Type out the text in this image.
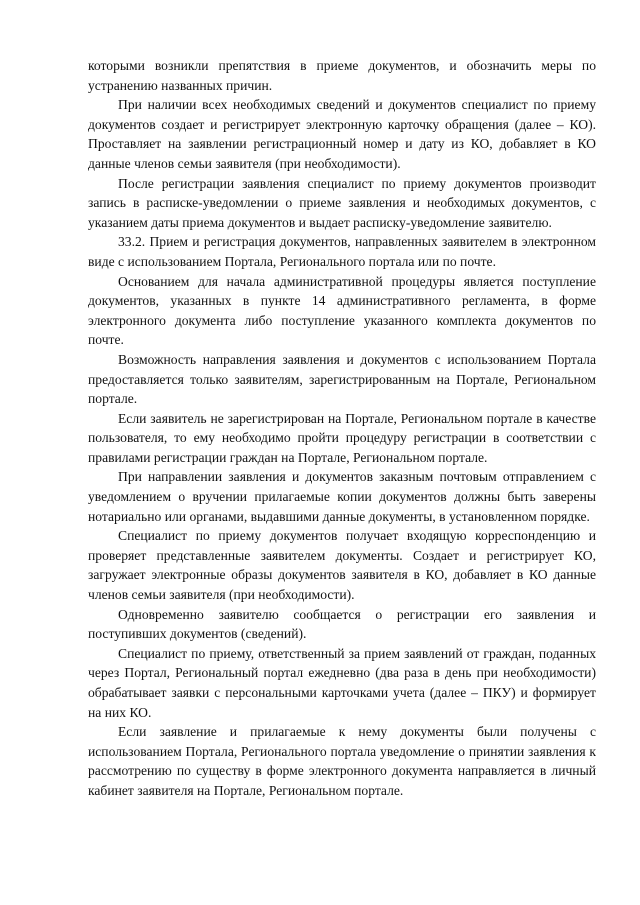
которыми возникли препятствия в приеме документов, и обозначить меры по устранению названных причин.

При наличии всех необходимых сведений и документов специалист по приему документов создает и регистрирует электронную карточку обращения (далее – КО). Проставляет на заявлении регистрационный номер и дату из КО, добавляет в КО данные членов семьи заявителя (при необходимости).

После регистрации заявления специалист по приему документов производит запись в расписке-уведомлении о приеме заявления и необходимых документов, с указанием даты приема документов и выдает расписку-уведомление заявителю.

33.2. Прием и регистрация документов, направленных заявителем в электронном виде с использованием Портала, Регионального портала или по почте.

Основанием для начала административной процедуры является поступление документов, указанных в пункте 14 административного регламента, в форме электронного документа либо поступление указанного комплекта документов по почте.

Возможность направления заявления и документов с использованием Портала предоставляется только заявителям, зарегистрированным на Портале, Региональном портале.

Если заявитель не зарегистрирован на Портале, Региональном портале в качестве пользователя, то ему необходимо пройти процедуру регистрации в соответствии с правилами регистрации граждан на Портале, Региональном портале.

При направлении заявления и документов заказным почтовым отправлением с уведомлением о вручении прилагаемые копии документов должны быть заверены нотариально или органами, выдавшими данные документы, в установленном порядке.

Специалист по приему документов получает входящую корреспонденцию и проверяет представленные заявителем документы. Создает и регистрирует КО, загружает электронные образы документов заявителя в КО, добавляет в КО данные членов семьи заявителя (при необходимости).

Одновременно заявителю сообщается о регистрации его заявления и поступивших документов (сведений).

Специалист по приему, ответственный за прием заявлений от граждан, поданных через Портал, Региональный портал ежедневно (два раза в день при необходимости) обрабатывает заявки с персональными карточками учета (далее – ПКУ) и формирует на них КО.

Если заявление и прилагаемые к нему документы были получены с использованием Портала, Регионального портала уведомление о принятии заявления к рассмотрению по существу в форме электронного документа направляется в личный кабинет заявителя на Портале, Региональном портале.
